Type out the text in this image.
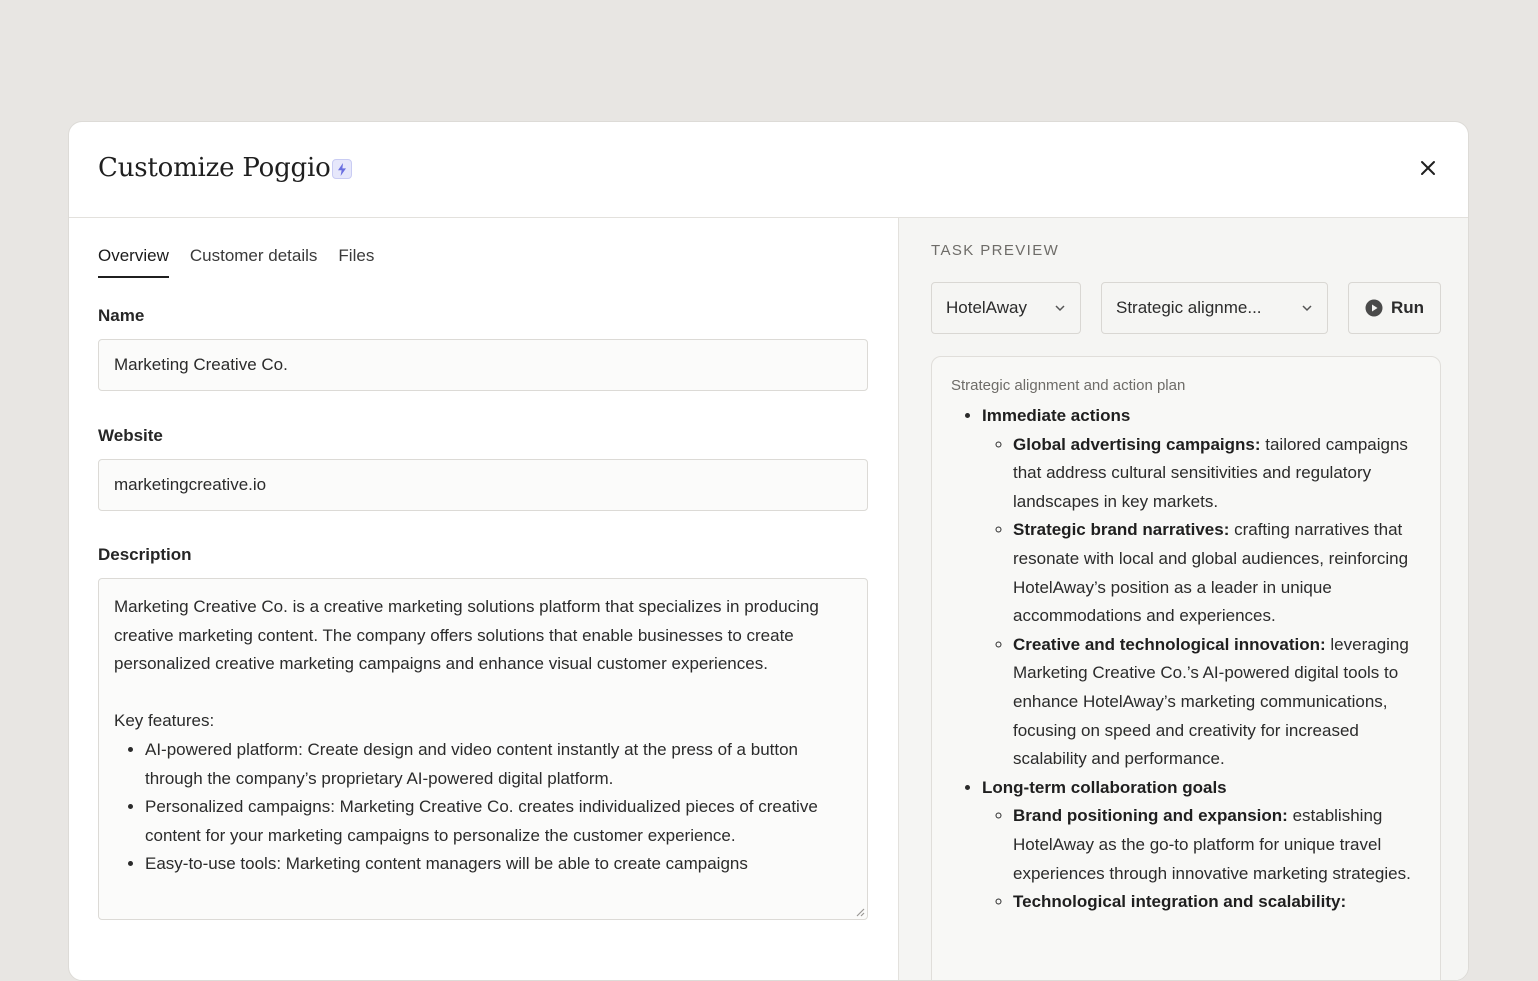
Customize Poggio
Overview Customer details Files
Name
Marketing Creative Co.
Website
marketingcreative.io
Description

Marketing Creative Co. is a creative marketing solutions platform that specializes in producing creative marketing content. The company offers solutions that enable businesses to create personalized creative marketing campaigns and enhance visual customer experiences.

Key features:

• AI-powered platform: Create design and video content instantly at the press of a button through the company’s proprietary AI-powered digital platform.
• Personalized campaigns: Marketing Creative Co. creates individualized pieces of creative content for your marketing campaigns to personalize the customer experience.
• Easy-to-use tools: Marketing content managers will be able to create campaigns
TASK PREVIEW
HotelAway	Strategic alignme...	Run
Strategic alignment and action plan
• Immediate actions
◦ Global advertising campaigns: tailored campaigns that address cultural sensitivities and regulatory landscapes in key markets.
◦ Strategic brand narratives: crafting narratives that resonate with local and global audiences, reinforcing HotelAway’s position as a leader in unique accommodations and experiences.
◦ Creative and technological innovation: leveraging Marketing Creative Co.’s AI-powered digital tools to enhance HotelAway’s marketing communications, focusing on speed and creativity for increased scalability and performance.
• Long-term collaboration goals
◦ Brand positioning and expansion: establishing HotelAway as the go-to platform for unique travel experiences through innovative marketing strategies.
◦ Technological integration and scalability:
